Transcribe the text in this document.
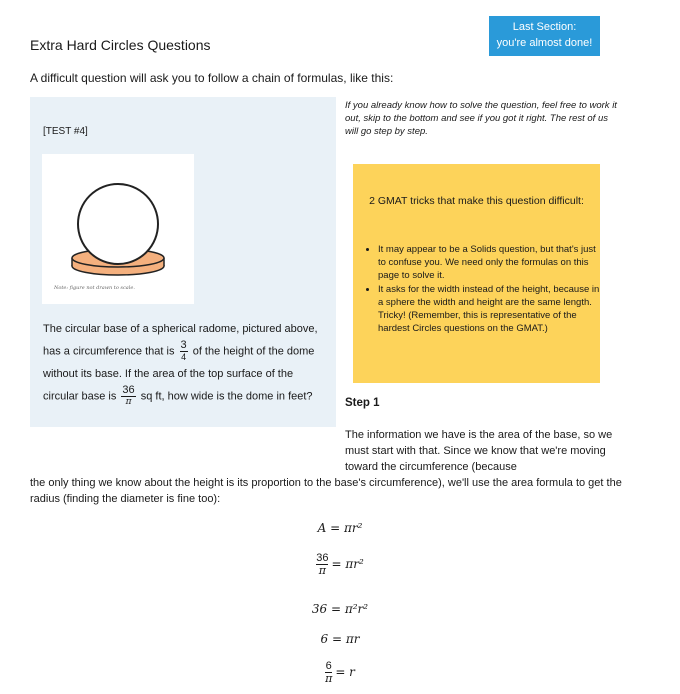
Last Section:
you're almost done!
Extra Hard Circles Questions
A difficult question will ask you to follow a chain of formulas, like this:
[TEST #4]
Note: figure not drawn to scale.
The circular base of a spherical radome, pictured above, has a circumference that is $\frac{3}{4}$ of the height of the dome without its base. If the area of the top surface of the circular base is $\frac{36}{\pi}$ sq ft, how wide is the dome in feet?
If you already know how to solve the question, feel free to work it out, skip to the bottom and see if you got it right. The rest of us will go step by step.
2 GMAT tricks that make this question difficult:
• It may appear to be a Solids question, but that's just to confuse you. We need only the formulas on this page to solve it.
• It asks for the width instead of the height, because in a sphere the width and height are the same length. Tricky! (Remember, this is representative of the hardest Circles questions on the GMAT.)
Step 1
The information we have is the area of the base, so we must start with that. Since we know that we're moving toward the circumference (because
the only thing we know about the height is its proportion to the base's circumference), we'll use the area formula to get the radius (finding the diameter is fine too):
A = πr²
$\frac{36}{\pi} = \pi r^2$
36 = π²r²
6 = πr
$\frac{6}{\pi} = r$
